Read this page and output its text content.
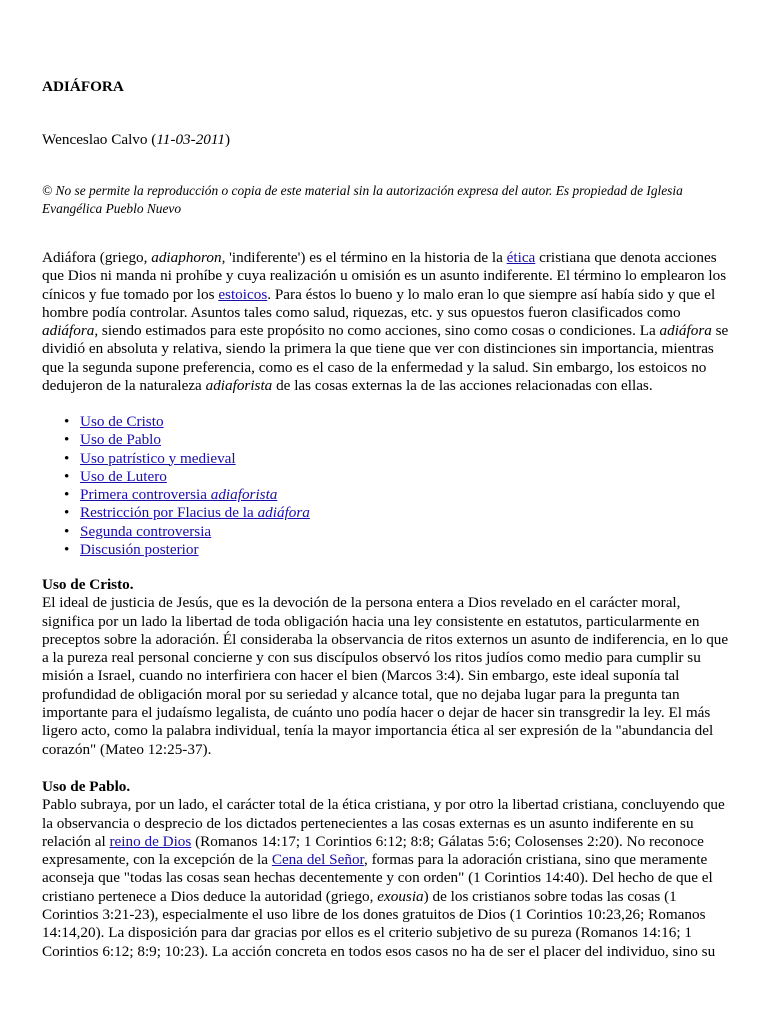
ADIÁFORA
Wenceslao Calvo (11-03-2011)
© No se permite la reproducción o copia de este material sin la autorización expresa del autor. Es propiedad de Iglesia Evangélica Pueblo Nuevo

Adiáfora (griego, adiaphoron, 'indiferente') es el término en la historia de la ética cristiana que denota acciones que Dios ni manda ni prohíbe y cuya realización u omisión es un asunto indiferente. El término lo emplearon los cínicos y fue tomado por los estoicos. Para éstos lo bueno y lo malo eran lo que siempre así había sido y que el hombre podía controlar. Asuntos tales como salud, riquezas, etc. y sus opuestos fueron clasificados como adiáfora, siendo estimados para este propósito no como acciones, sino como cosas o condiciones. La adiáfora se dividió en absoluta y relativa, siendo la primera la que tiene que ver con distinciones sin importancia, mientras que la segunda supone preferencia, como es el caso de la enfermedad y la salud. Sin embargo, los estoicos no dedujeron de la naturaleza adiaforista de las cosas externas la de las acciones relacionadas con ellas.

• Uso de Cristo
• Uso de Pablo
• Uso patrístico y medieval
• Uso de Lutero
• Primera controversia adiaforista
• Restricción por Flacius de la adiáfora
• Segunda controversia
• Discusión posterior
Uso de Cristo.

El ideal de justicia de Jesús, que es la devoción de la persona entera a Dios revelado en el carácter moral, significa por un lado la libertad de toda obligación hacia una ley consistente en estatutos, particularmente en preceptos sobre la adoración. Él consideraba la observancia de ritos externos un asunto de indiferencia, en lo que a la pureza real personal concierne y con sus discípulos observó los ritos judíos como medio para cumplir su misión a Israel, cuando no interfiriera con hacer el bien (Marcos 3:4). Sin embargo, este ideal suponía tal profundidad de obligación moral por su seriedad y alcance total, que no dejaba lugar para la pregunta tan importante para el judaísmo legalista, de cuánto uno podía hacer o dejar de hacer sin transgredir la ley. El más ligero acto, como la palabra individual, tenía la mayor importancia ética al ser expresión de la "abundancia del corazón" (Mateo 12:25-37).

Uso de Pablo.

Pablo subraya, por un lado, el carácter total de la ética cristiana, y por otro la libertad cristiana, concluyendo que la observancia o desprecio de los dictados pertenecientes a las cosas externas es un asunto indiferente en su relación al reino de Dios (Romanos 14:17; 1 Corintios 6:12; 8:8; Gálatas 5:6; Colosenses 2:20). No reconoce expresamente, con la excepción de la Cena del Señor, formas para la adoración cristiana, sino que meramente aconseja que "todas las cosas sean hechas decentemente y con orden" (1 Corintios 14:40). Del hecho de que el cristiano pertenece a Dios deduce la autoridad (griego, exousia) de los cristianos sobre todas las cosas (1 Corintios 3:21-23), especialmente el uso libre de los dones gratuitos de Dios (1 Corintios 10:23,26; Romanos 14:14,20). La disposición para dar gracias por ellos es el criterio subjetivo de su pureza (Romanos 14:16; 1 Corintios 6:12; 8:9; 10:23). La acción concreta en todos esos casos no ha de ser el placer del individuo, sino su
